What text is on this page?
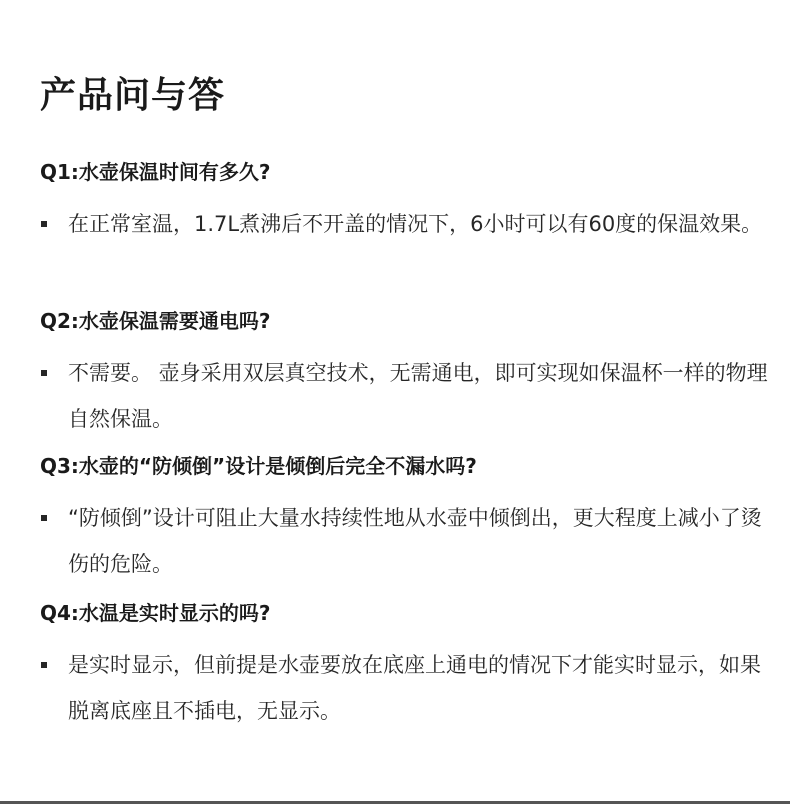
产品问与答
Q1:水壶保温时间有多久?
在正常室温，1.7L煮沸后不开盖的情况下，6小时可以有60度的保温效果。
Q2:水壶保温需要通电吗?
不需要。 壶身采用双层真空技术，无需通电，即可实现如保温杯一样的物理自然保温。
Q3:水壶的“防倾倒”设计是倾倒后完全不漏水吗?
“防倾倒”设计可阻止大量水持续性地从水壶中倾倒出，更大程度上减小了烫伤的危险。
Q4:水温是实时显示的吗?
是实时显示，但前提是水壶要放在底座上通电的情况下才能实时显示，如果脱离底座且不插电，无显示。
